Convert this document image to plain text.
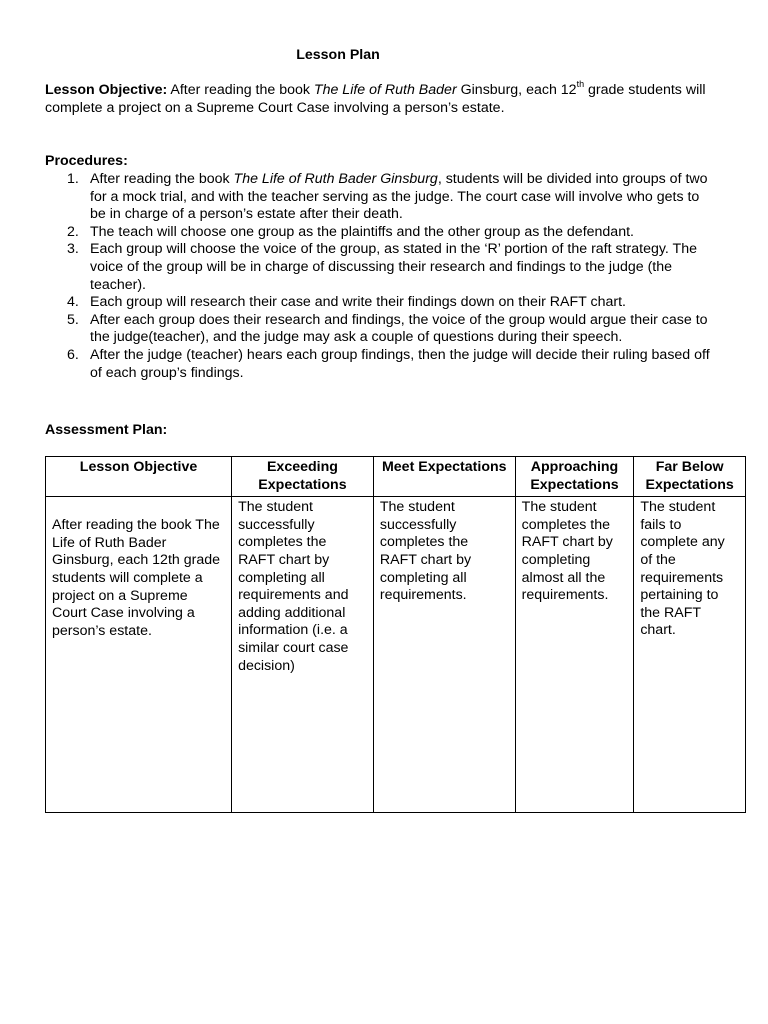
Lesson Plan
Lesson Objective: After reading the book The Life of Ruth Bader Ginsburg, each 12th grade students will complete a project on a Supreme Court Case involving a person’s estate.
Procedures:
1. After reading the book The Life of Ruth Bader Ginsburg, students will be divided into groups of two for a mock trial, and with the teacher serving as the judge. The court case will involve who gets to be in charge of a person’s estate after their death.
2. The teach will choose one group as the plaintiffs and the other group as the defendant.
3. Each group will choose the voice of the group, as stated in the ‘R’ portion of the raft strategy. The voice of the group will be in charge of discussing their research and findings to the judge (the teacher).
4. Each group will research their case and write their findings down on their RAFT chart.
5. After each group does their research and findings, the voice of the group would argue their case to the judge(teacher), and the judge may ask a couple of questions during their speech.
6. After the judge (teacher) hears each group findings, then the judge will decide their ruling based off of each group’s findings.
Assessment Plan:
Lesson Objective	Exceeding Expectations	Meet Expectations	Approaching Expectations	Far Below Expectations
After reading the book The Life of Ruth Bader Ginsburg, each 12th grade students will complete a project on a Supreme Court Case involving a person’s estate.	The student successfully completes the RAFT chart by completing all requirements and adding additional information (i.e. a similar court case decision)	The student successfully completes the RAFT chart by completing all requirements.	The student completes the RAFT chart by completing almost all the requirements.	The student fails to complete any of the requirements pertaining to the RAFT chart.
